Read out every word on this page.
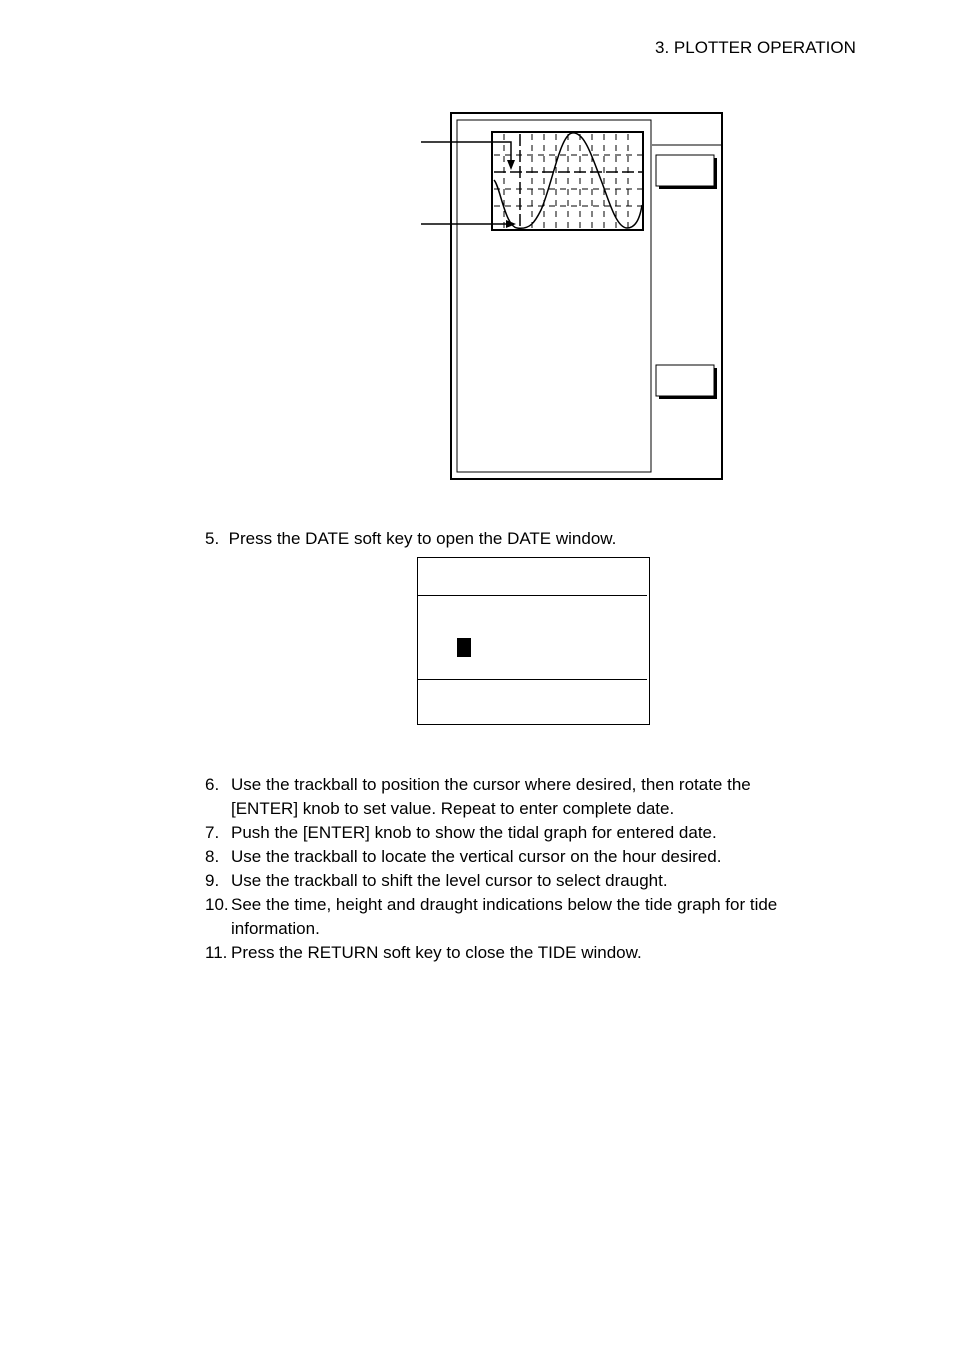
3. PLOTTER OPERATION
5. Press the DATE soft key to open the DATE window.
6. Use the trackball to position the cursor where desired, then rotate the
[ENTER] knob to set value. Repeat to enter complete date.
7. Push the [ENTER] knob to show the tidal graph for entered date.
8. Use the trackball to locate the vertical cursor on the hour desired.
9. Use the trackball to shift the level cursor to select draught.
10. See the time, height and draught indications below the tide graph for tide
information.
11. Press the RETURN soft key to close the TIDE window.
